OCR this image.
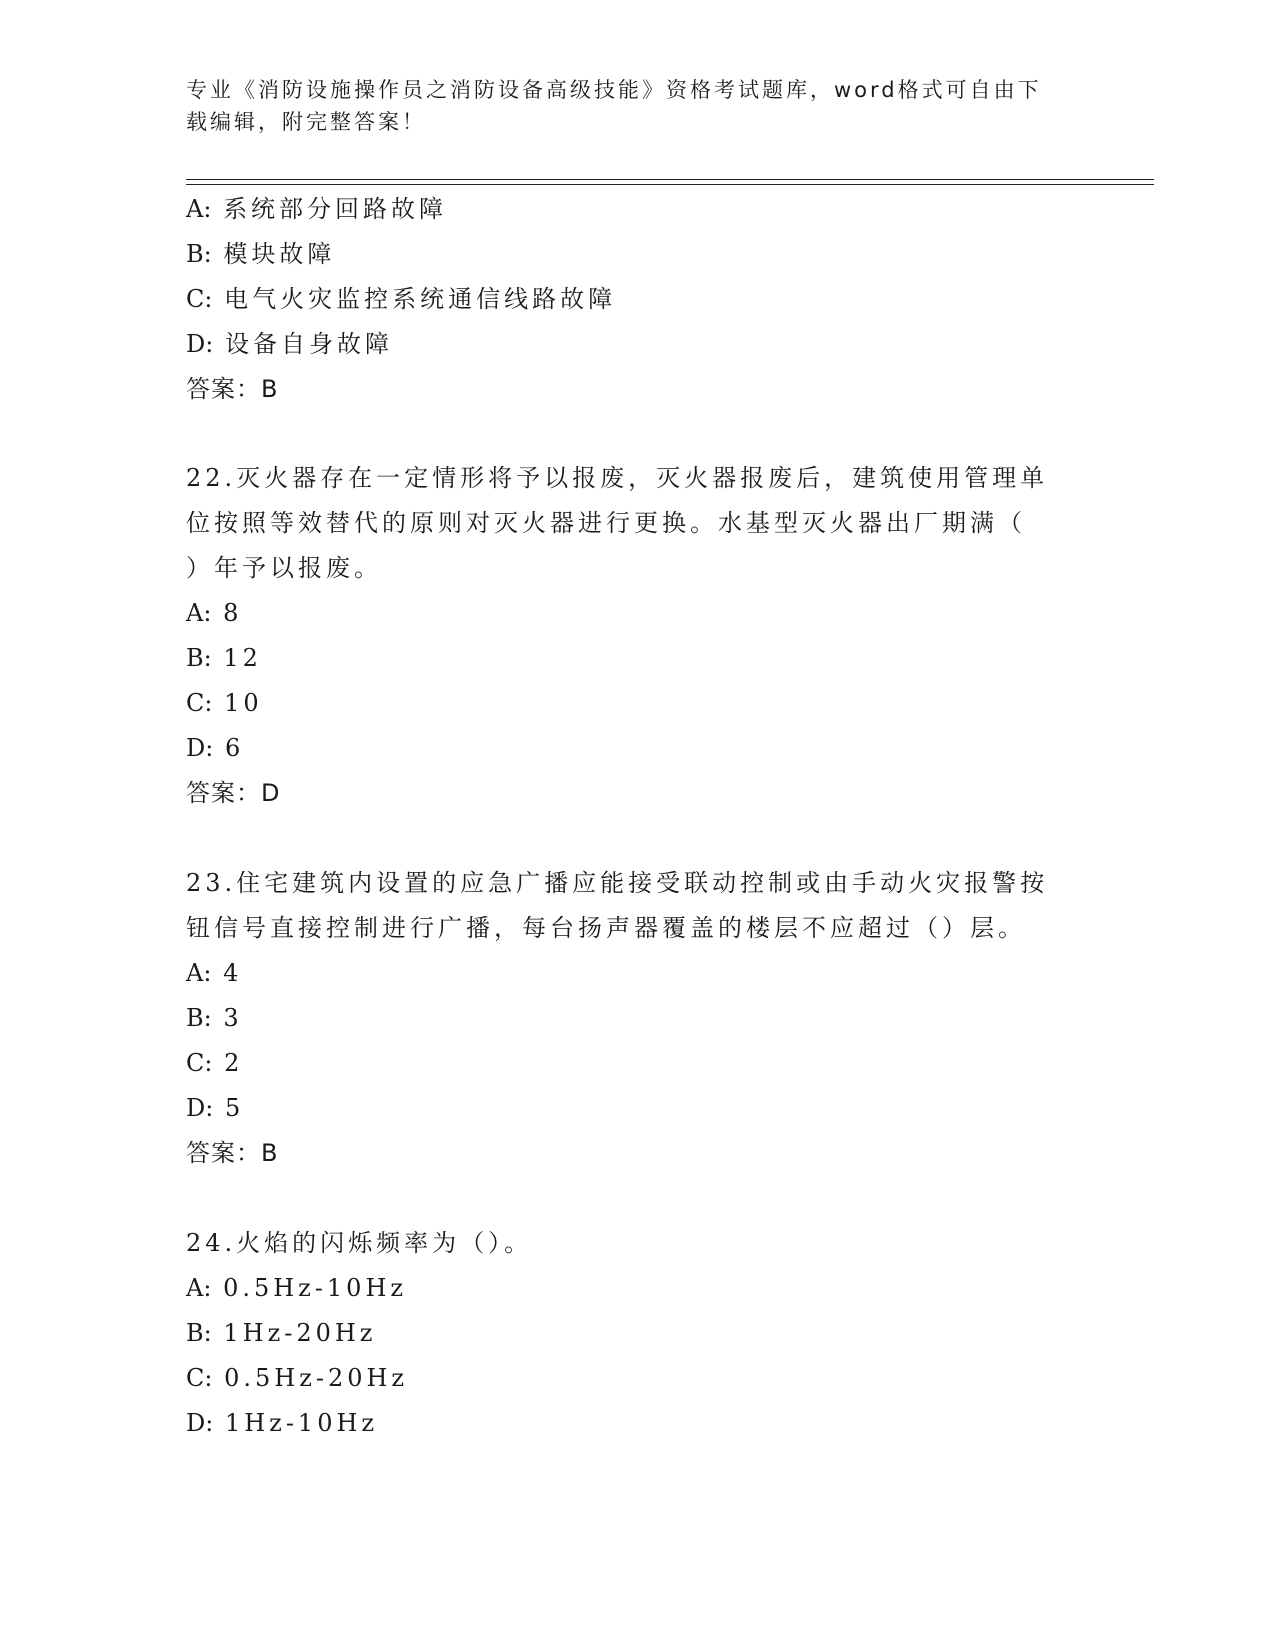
专业《消防设施操作员之消防设备高级技能》资格考试题库，word格式可自由下
载编辑，附完整答案！
A: 系统部分回路故障
B: 模块故障
C: 电气火灾监控系统通信线路故障
D: 设备自身故障
答案：B
22.灭火器存在一定情形将予以报废，灭火器报废后，建筑使用管理单
位按照等效替代的原则对灭火器进行更换。水基型灭火器出厂期满（
）年予以报废。
A: 8
B: 12
C: 10
D: 6
答案：D
23.住宅建筑内设置的应急广播应能接受联动控制或由手动火灾报警按
钮信号直接控制进行广播，每台扬声器覆盖的楼层不应超过（）层。
A: 4
B: 3
C: 2
D: 5
答案：B
24.火焰的闪烁频率为（）。
A: 0.5Hz-10Hz
B: 1Hz-20Hz
C: 0.5Hz-20Hz
D: 1Hz-10Hz
